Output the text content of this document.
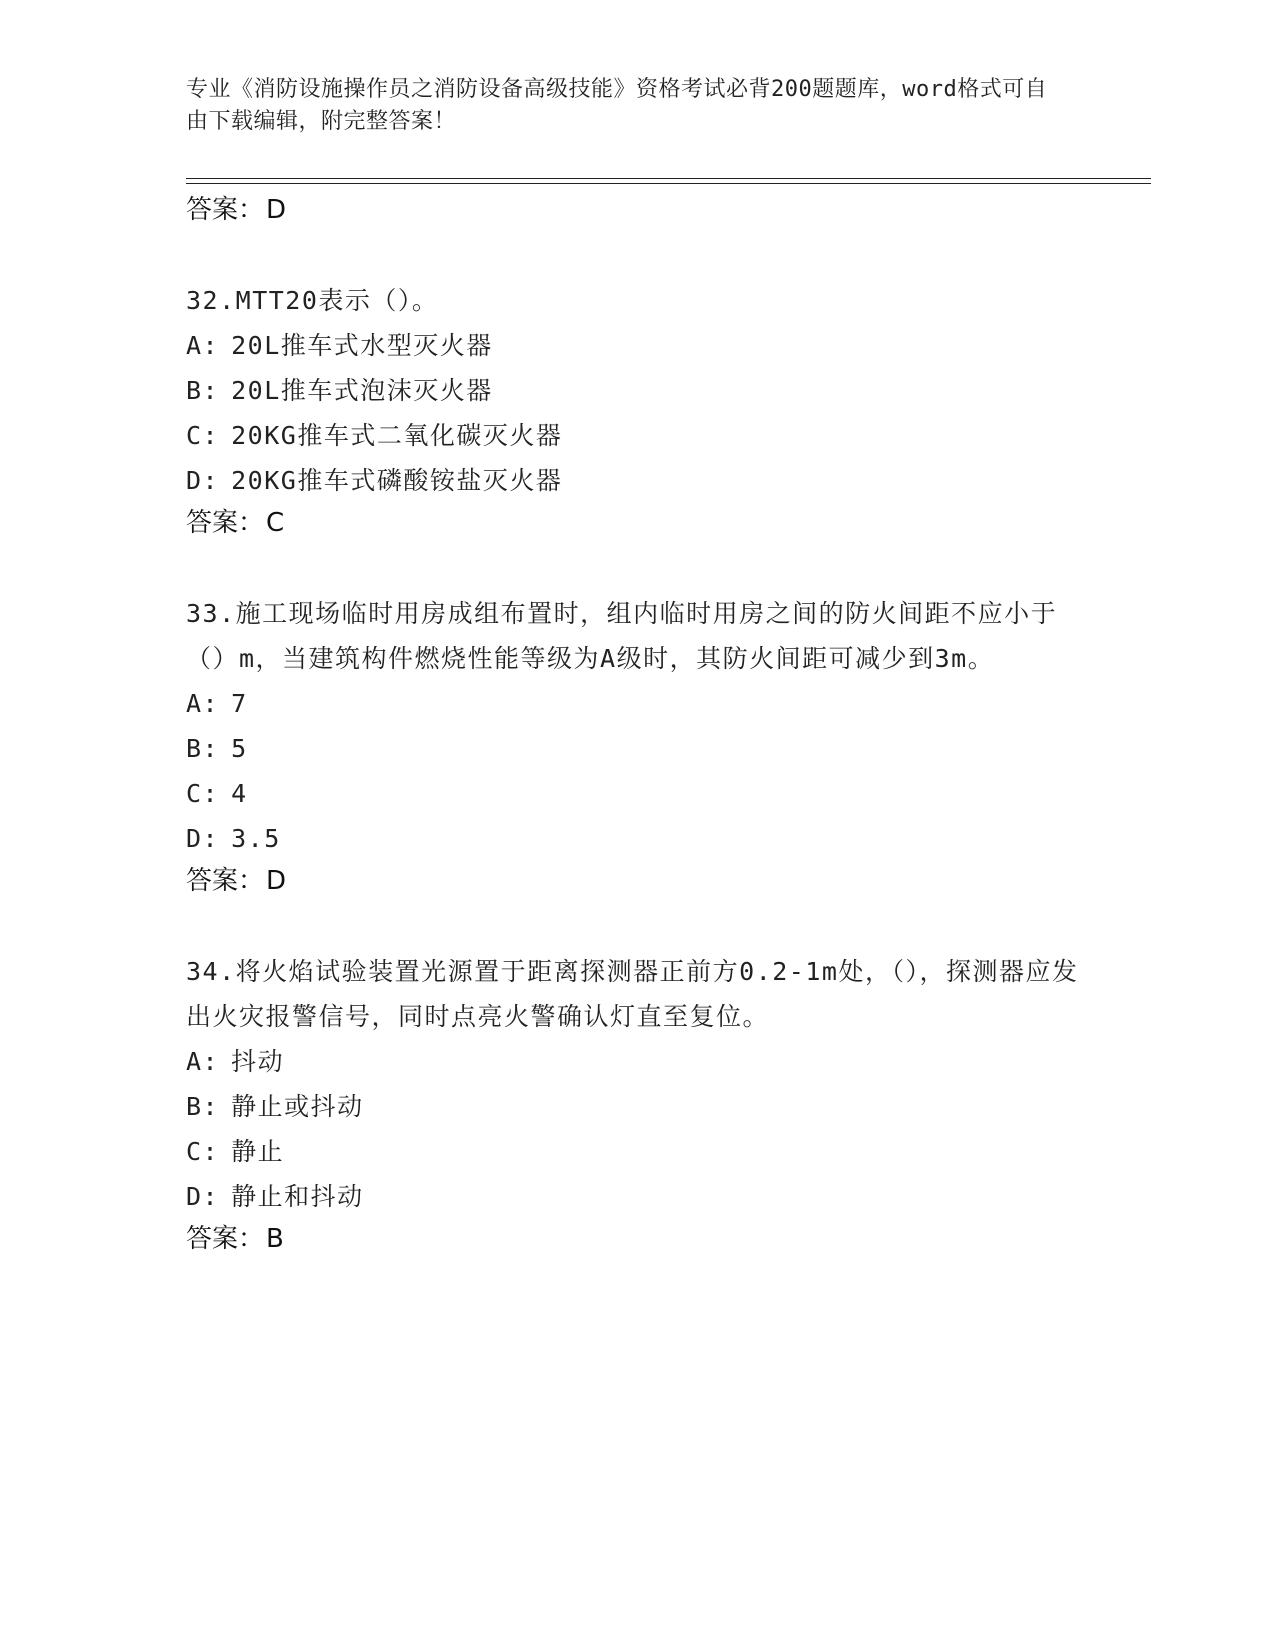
专业《消防设施操作员之消防设备高级技能》资格考试必背200题题库，word格式可自由下载编辑，附完整答案！

答案：D

32.MTT20表示（）。

A: 20L推车式水型灭火器

B: 20L推车式泡沫灭火器

C: 20KG推车式二氧化碳灭火器

D: 20KG推车式磷酸铵盐灭火器

答案：C

33.施工现场临时用房成组布置时，组内临时用房之间的防火间距不应小于（）m，当建筑构件燃烧性能等级为A级时，其防火间距可减少到3m。

A: 7

B: 5

C: 4

D: 3.5

答案：D

34.将火焰试验装置光源置于距离探测器正前方0.2-1m处，（），探测器应发出火灾报警信号，同时点亮火警确认灯直至复位。

A: 抖动

B: 静止或抖动

C: 静止

D: 静止和抖动

答案：B
